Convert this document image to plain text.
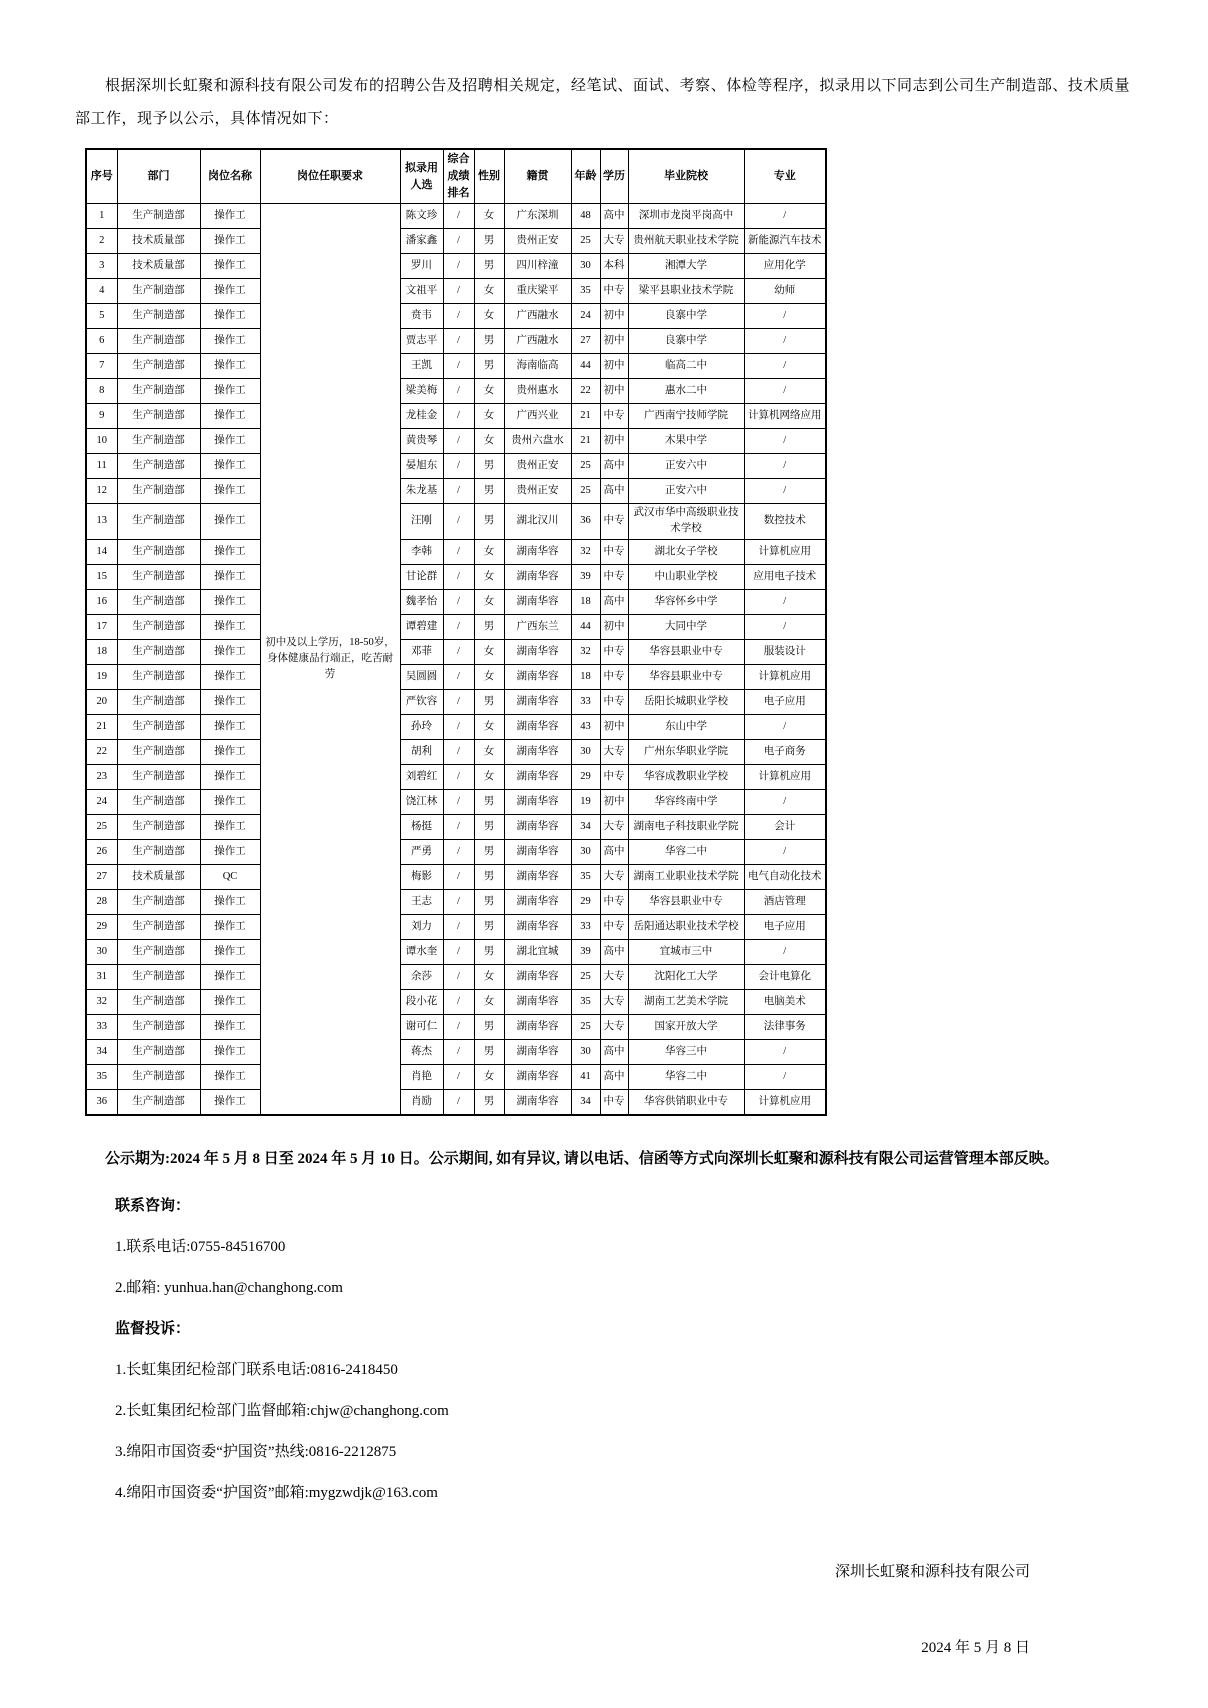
根据深圳长虹聚和源科技有限公司发布的招聘公告及招聘相关规定，经笔试、面试、考察、体检等程序，拟录用以下同志到公司生产制造部、技术质量部工作，现予以公示，具体情况如下：

序号	部门	岗位名称	岗位任职要求	拟录用人选	综合成绩排名	性别	籍贯	年龄	学历	毕业院校	专业
1	生产制造部	操作工	初中及以上学历，18-50岁，身体健康品行端正，吃苦耐劳	陈文珍	/	女	广东深圳	48	高中	深圳市龙岗平岗高中	/
2	技术质量部	操作工		潘家鑫	/	男	贵州正安	25	大专	贵州航天职业技术学院	新能源汽车技术
3	技术质量部	操作工		罗川	/	男	四川梓潼	30	本科	湘潭大学	应用化学
4	生产制造部	操作工		文祖平	/	女	重庆梁平	35	中专	梁平县职业技术学院	幼师
5	生产制造部	操作工		贲韦	/	女	广西融水	24	初中	良寨中学	/
6	生产制造部	操作工		贾志平	/	男	广西融水	27	初中	良寨中学	/
7	生产制造部	操作工		王凯	/	男	海南临高	44	初中	临高二中	/
8	生产制造部	操作工		梁美梅	/	女	贵州惠水	22	初中	惠水二中	/
9	生产制造部	操作工		龙桂金	/	女	广西兴业	21	中专	广西南宁技师学院	计算机网络应用
10	生产制造部	操作工		黄贵琴	/	女	贵州六盘水	21	初中	木果中学	/
11	生产制造部	操作工		晏旭东	/	男	贵州正安	25	高中	正安六中	/
12	生产制造部	操作工		朱龙基	/	男	贵州正安	25	高中	正安六中	/
13	生产制造部	操作工		汪刚	/	男	湖北汉川	36	中专	武汉市华中高级职业技术学校	数控技术
14	生产制造部	操作工		李韩	/	女	湖南华容	32	中专	湖北女子学校	计算机应用
15	生产制造部	操作工		甘论群	/	女	湖南华容	39	中专	中山职业学校	应用电子技术
16	生产制造部	操作工		魏孝怡	/	女	湖南华容	18	高中	华容怀乡中学	/
17	生产制造部	操作工		谭碧建	/	男	广西东兰	44	初中	大同中学	/
18	生产制造部	操作工		邓菲	/	女	湖南华容	32	中专	华容县职业中专	服装设计
19	生产制造部	操作工		吴圆圆	/	女	湖南华容	18	中专	华容县职业中专	计算机应用
20	生产制造部	操作工		严钦容	/	男	湖南华容	33	中专	岳阳长城职业学校	电子应用
21	生产制造部	操作工		孙玲	/	女	湖南华容	43	初中	东山中学	/
22	生产制造部	操作工		胡利	/	女	湖南华容	30	大专	广州东华职业学院	电子商务
23	生产制造部	操作工		刘碧红	/	女	湖南华容	29	中专	华容成教职业学校	计算机应用
24	生产制造部	操作工		饶江林	/	男	湖南华容	19	初中	华容终南中学	/
25	生产制造部	操作工		杨挺	/	男	湖南华容	34	大专	湖南电子科技职业学院	会计
26	生产制造部	操作工		严勇	/	男	湖南华容	30	高中	华容二中	/
27	技术质量部	QC		梅影	/	男	湖南华容	35	大专	湖南工业职业技术学院	电气自动化技术
28	生产制造部	操作工		王志	/	男	湖南华容	29	中专	华容县职业中专	酒店管理
29	生产制造部	操作工		刘力	/	男	湖南华容	33	中专	岳阳通达职业技术学校	电子应用
30	生产制造部	操作工		谭水奎	/	男	湖北宜城	39	高中	宜城市三中	/
31	生产制造部	操作工		余莎	/	女	湖南华容	25	大专	沈阳化工大学	会计电算化
32	生产制造部	操作工		段小花	/	女	湖南华容	35	大专	湖南工艺美术学院	电脑美术
33	生产制造部	操作工		谢可仁	/	男	湖南华容	25	大专	国家开放大学	法律事务
34	生产制造部	操作工		蒋杰	/	男	湖南华容	30	高中	华容三中	/
35	生产制造部	操作工		肖艳	/	女	湖南华容	41	高中	华容二中	/
36	生产制造部	操作工		肖励	/	男	湖南华容	34	中专	华容供销职业中专	计算机应用

公示期为:2024 年 5 月 8 日至 2024 年 5 月 10 日。公示期间, 如有异议, 请以电话、信函等方式向深圳长虹聚和源科技有限公司运营管理本部反映。

联系咨询：

1.联系电话:0755-84516700

2.邮箱: yunhua.han@changhong.com

监督投诉：

1.长虹集团纪检部门联系电话:0816-2418450

2.长虹集团纪检部门监督邮箱:chjw@changhong.com

3.绵阳市国资委“护国资”热线:0816-2212875

4.绵阳市国资委“护国资”邮箱:mygzwdjk@163.com

深圳长虹聚和源科技有限公司

2024 年 5 月 8 日
